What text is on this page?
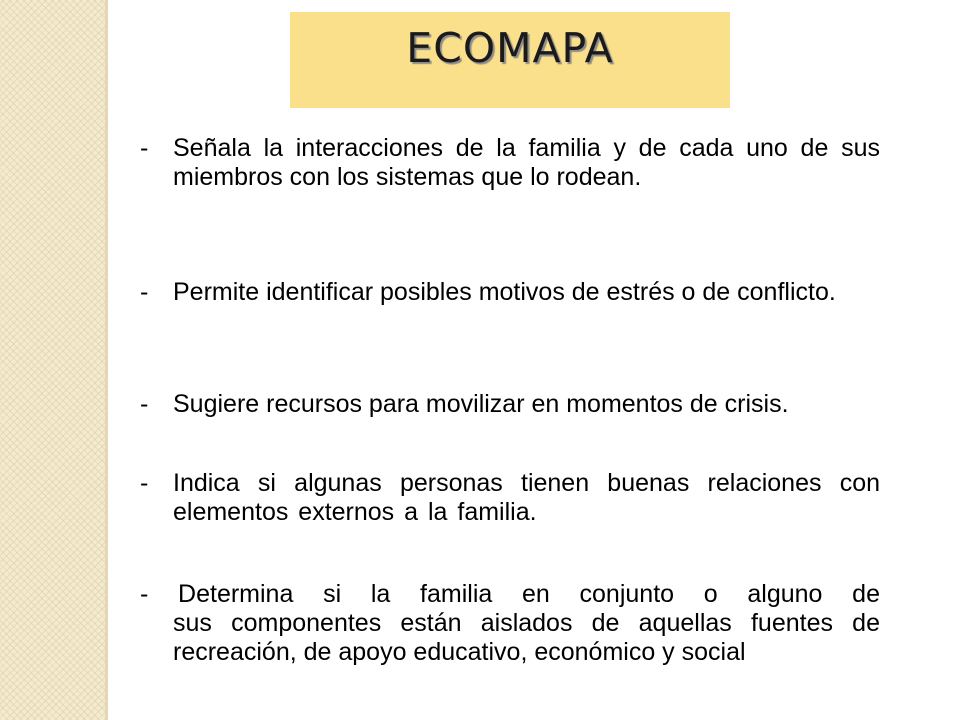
ECOMAPA
- Señala la interacciones de la familia y de cada uno de sus miembros con los sistemas que lo rodean.
- Permite identificar posibles motivos de estrés o de conflicto.
- Sugiere recursos para movilizar en momentos de crisis.
- Indica si algunas personas tienen buenas relaciones con elementos externos a la familia.
- Determina si la familia en conjunto o alguno de
sus componentes están aislados de aquellas fuentes de recreación, de apoyo educativo, económico y social
